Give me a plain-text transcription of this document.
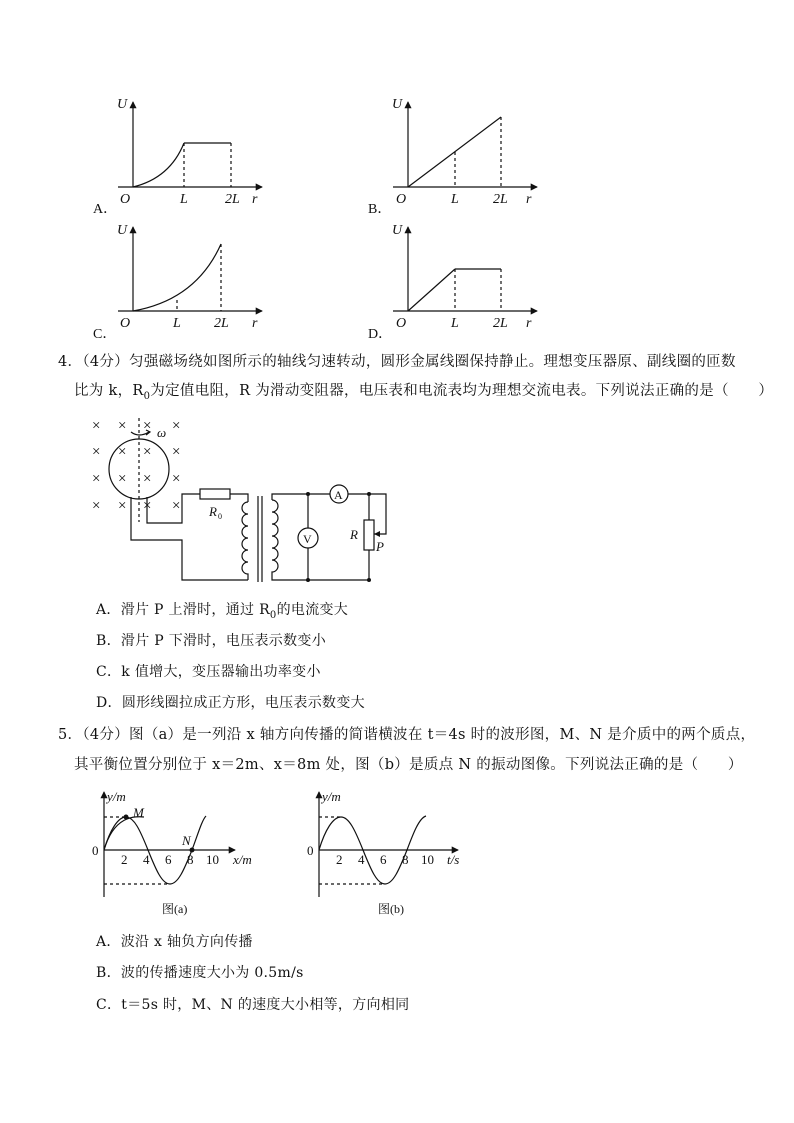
U
O	L	2L r
A．
U
O	L 2L r
B．
U
O	L 2L r
C．
U
O	L 2L r
D．
4．（4分）匀强磁场绕如图所示的轴线匀速转动，圆形金属线圈保持静止。理想变压器原、副线圈的匝数
比为 k，$R_0$为定值电阻，R 为滑动变阻器，电压表和电流表均为理想交流电表。下列说法正确的是（　　）
× × × ×
× × × ×
× × × ×
× × × ×
ω
R 0
A
V	R
P
A．滑片 P 上滑时，通过 $R_0$的电流变大
B．滑片 P 下滑时，电压表示数变小
C．k 值增大，变压器输出功率变小
D．圆形线圈拉成正方形，电压表示数变大
5．（4分）图（a）是一列沿 x 轴方向传播的简谐横波在 t＝4s 时的波形图，M、N 是介质中的两个质点，
其平衡位置分别位于 x＝2m、x＝8m 处，图（b）是质点 N 的振动图像。下列说法正确的是（　　）
y/m
M
N
0
2 4 6 8 10 x/m
图(a)
y/m
0
2 4 6 8 10 t/s
图(b)
A．波沿 x 轴负方向传播
B．波的传播速度大小为 0.5m/s
C．t＝5s 时，M、N 的速度大小相等，方向相同
